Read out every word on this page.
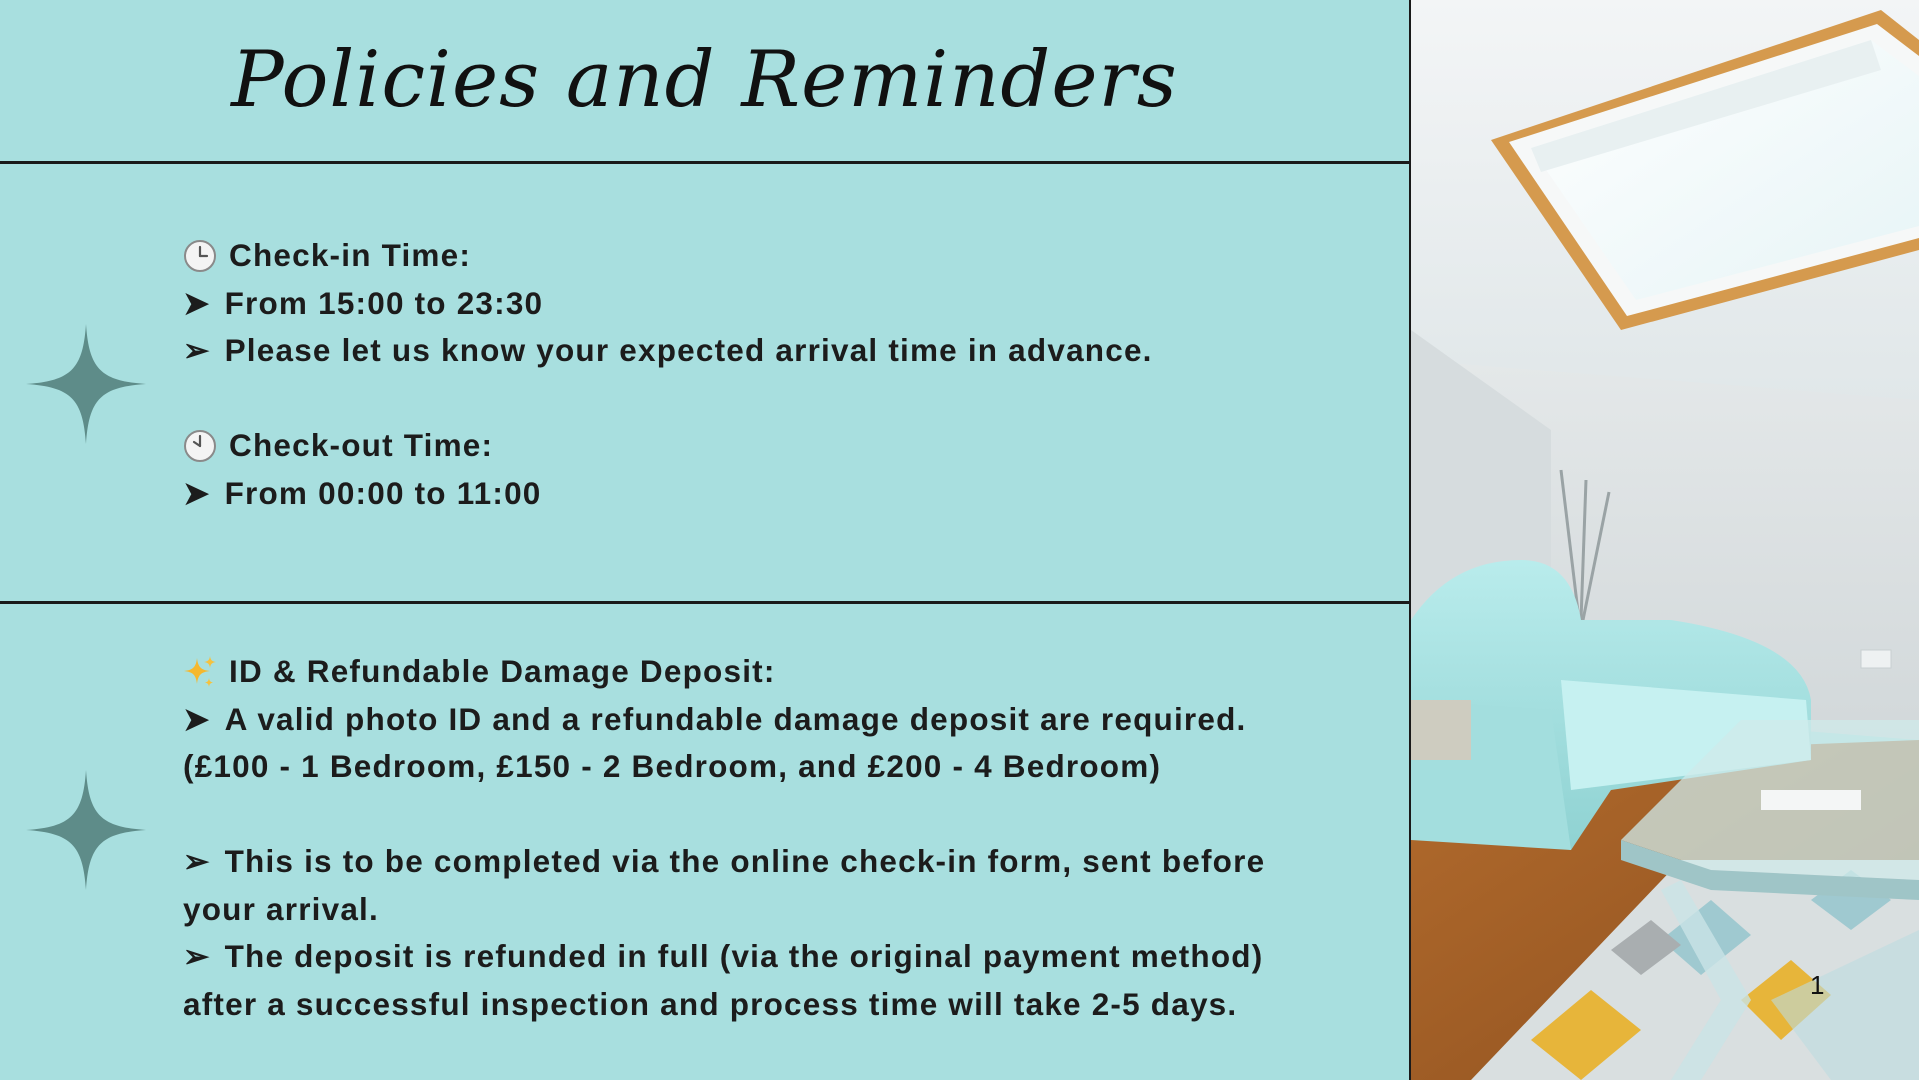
Policies and Reminders
Check-in Time:
➤ From 15:00 to 23:30
➢ Please let us know your expected arrival time in advance.
Check-out Time:
➤ From 00:00 to 11:00
ID & Refundable Damage Deposit:
➤ A valid photo ID and a refundable damage deposit are required.
(£100 - 1 Bedroom, £150 - 2 Bedroom, and £200 - 4 Bedroom)
➢ This is to be completed via the online check-in form, sent before
your arrival.
➢ The deposit is refunded in full (via the original payment method)
after a successful inspection and process time will take 2-5 days.
1
